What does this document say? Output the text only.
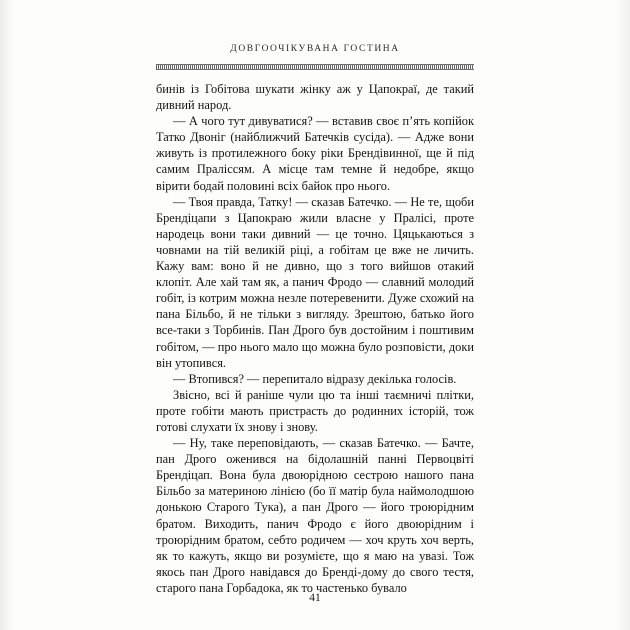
ДОВГООЧІКУВАНА ГОСТИНА

бинів із Гобітова шукати жінку аж у Цапокраї, де такий дивний народ.

— А чого тут дивуватися? — вставив своє п’ять копійок Татко Двоніг (найближчий Батечків сусіда). — Адже вони живуть із протилежного боку ріки Брендівинної, ще й під самим Праліссям. А місце там темне й недобре, якщо вірити бодай половині всіх байок про нього.

— Твоя правда, Татку! — сказав Батечко. — Не те, щоби Брендіцапи з Цапокраю жили власне у Пралісі, проте народець вони таки дивний — це точно. Цяцькаються з човнами на тій великій ріці, а гобітам це вже не личить. Кажу вам: воно й не дивно, що з того вийшов отакий клопіт. Але хай там як, а панич Фродо — славний молодий гобіт, із котрим можна незле потеревенити. Дуже схожий на пана Більбо, й не тільки з вигляду. Зрештою, батько його все-таки з Торбинів. Пан Дрого був достойним і поштивим гобітом, — про нього мало що можна було розповісти, доки він утопився.

— Втопився? — перепитало відразу декілька голосів.

Звісно, всі й раніше чули цю та інші таємничі плітки, проте гобіти мають пристрасть до родинних історій, тож готові слухати їх знову і знову.

— Ну, таке переповідають, — сказав Батечко. — Бачте, пан Дрого оженився на бідолашній панні Первоцвіті Брендіцап. Вона була двоюрідною сестрою нашого пана Більбо за материною лінією (бо її матір була наймолодшою донькою Старого Тука), а пан Дрого — його троюрідним братом. Виходить, панич Фродо є його двоюрідним і троюрідним братом, себто родичем — хоч круть хоч верть, як то кажуть, якщо ви розумієте, що я маю на увазі. Тож якось пан Дрого навідався до Бренді-дому до свого тестя, старого пана Горбадока, як то частенько бувало

41
